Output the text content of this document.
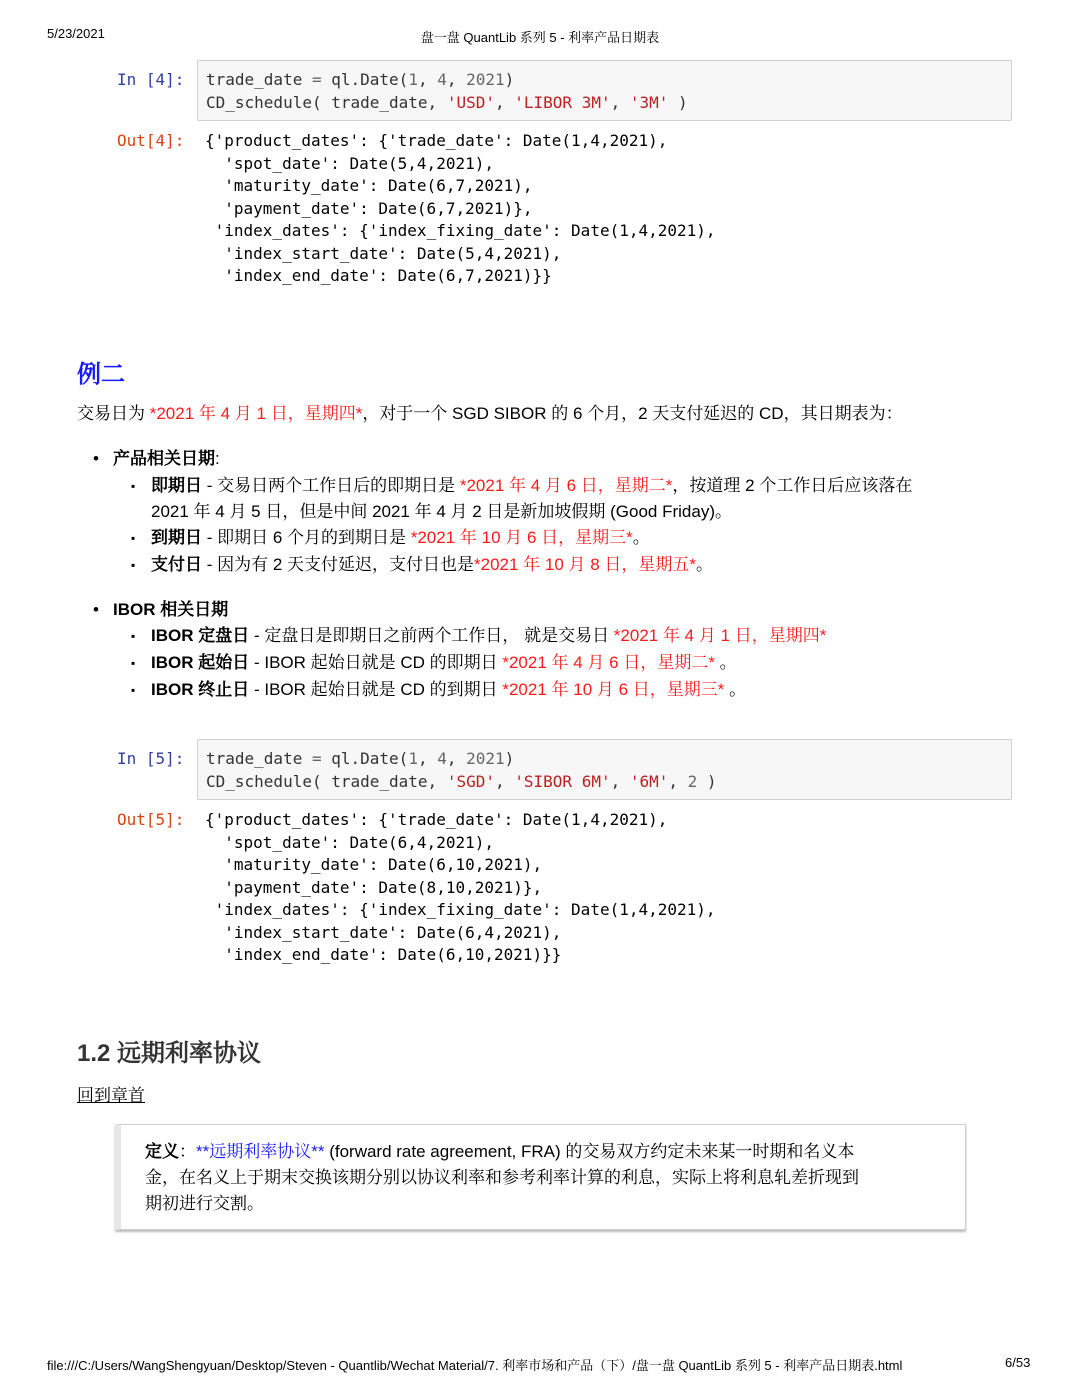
5/23/2021	盘一盘 QuantLib 系列 5 - 利率产品日期表
In [4]:	trade_date = ql.Date(1, 4, 2021)
CD_schedule( trade_date, 'USD', 'LIBOR 3M', '3M' )
Out[4]:	{'product_dates': {'trade_date': Date(1,4,2021),
'spot_date': Date(5,4,2021),
'maturity_date': Date(6,7,2021),
'payment_date': Date(6,7,2021)},
'index_dates': {'index_fixing_date': Date(1,4,2021),
'index_start_date': Date(5,4,2021),
'index_end_date': Date(6,7,2021)}}
例二
交易日为 *2021 年 4 月 1 日，星期四*，对于一个 SGD SIBOR 的 6 个月，2 天支付延迟的 CD，其日期表为：
产品相关日期:
即期日 - 交易日两个工作日后的即期日是 *2021 年 4 月 6 日，星期二*，按道理 2 个工作日后应该落在
2021 年 4 月 5 日，但是中间 2021 年 4 月 2 日是新加坡假期 (Good Friday)。
到期日 - 即期日 6 个月的到期日是 *2021 年 10 月 6 日，星期三*。
支付日 - 因为有 2 天支付延迟，支付日也是*2021 年 10 月 8 日，星期五*。
IBOR 相关日期
IBOR 定盘日 - 定盘日是即期日之前两个工作日， 就是交易日 *2021 年 4 月 1 日，星期四*
IBOR 起始日 - IBOR 起始日就是 CD 的即期日 *2021 年 4 月 6 日，星期二* 。
IBOR 终止日 - IBOR 起始日就是 CD 的到期日 *2021 年 10 月 6 日，星期三* 。
In [5]:	trade_date = ql.Date(1, 4, 2021)
CD_schedule( trade_date, 'SGD', 'SIBOR 6M', '6M', 2 )
Out[5]:	{'product_dates': {'trade_date': Date(1,4,2021),
'spot_date': Date(6,4,2021),
'maturity_date': Date(6,10,2021),
'payment_date': Date(8,10,2021)},
'index_dates': {'index_fixing_date': Date(1,4,2021),
'index_start_date': Date(6,4,2021),
'index_end_date': Date(6,10,2021)}}
1.2 远期利率协议
回到章首
定义：**远期利率协议** (forward rate agreement, FRA) 的交易双方约定未来某一时期和名义本
金，在名义上于期末交换该期分别以协议利率和参考利率计算的利息，实际上将利息轧差折现到
期初进行交割。
file:///C:/Users/WangShengyuan/Desktop/Steven - Quantlib/Wechat Material/7. 利率市场和产品（下）/盘一盘 QuantLib 系列 5 - 利率产品日期表.html	6/53
